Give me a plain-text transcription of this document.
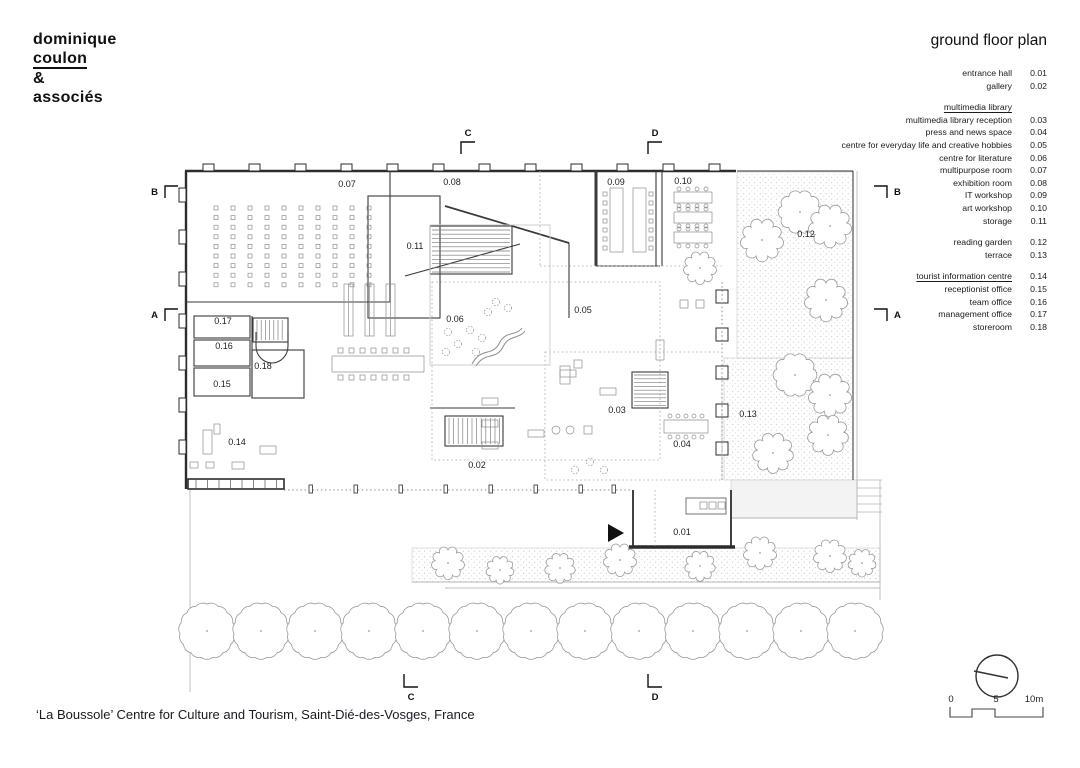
dominique
coulon
&
associés
ground floor plan
entrance hall	0.01
gallery	0.02
multimedia library
multimedia library reception	0.03
press and news space	0.04
centre for everyday life and creative hobbies	0.05
centre for literature	0.06
multipurpose room	0.07
exhibition room	0.08
IT workshop	0.09
art workshop	0.10
storage	0.11
reading garden	0.12
terrace	0.13
tourist information centre	0.14
receptionist office	0.15
team office	0.16
management office	0.17
storeroom	0.18
‘La Boussole’ Centre for Culture and Tourism, Saint-Dié-des-Vosges, France
0.07	0.08	0.09	0.10
0.11
0.12
0.06
0.05
0.17
0.16
0.15
0.18
0.03	0.13
0.04
0.02
0.14
0.01
B
A
B
A
C	D
C	D	0	5	10m
